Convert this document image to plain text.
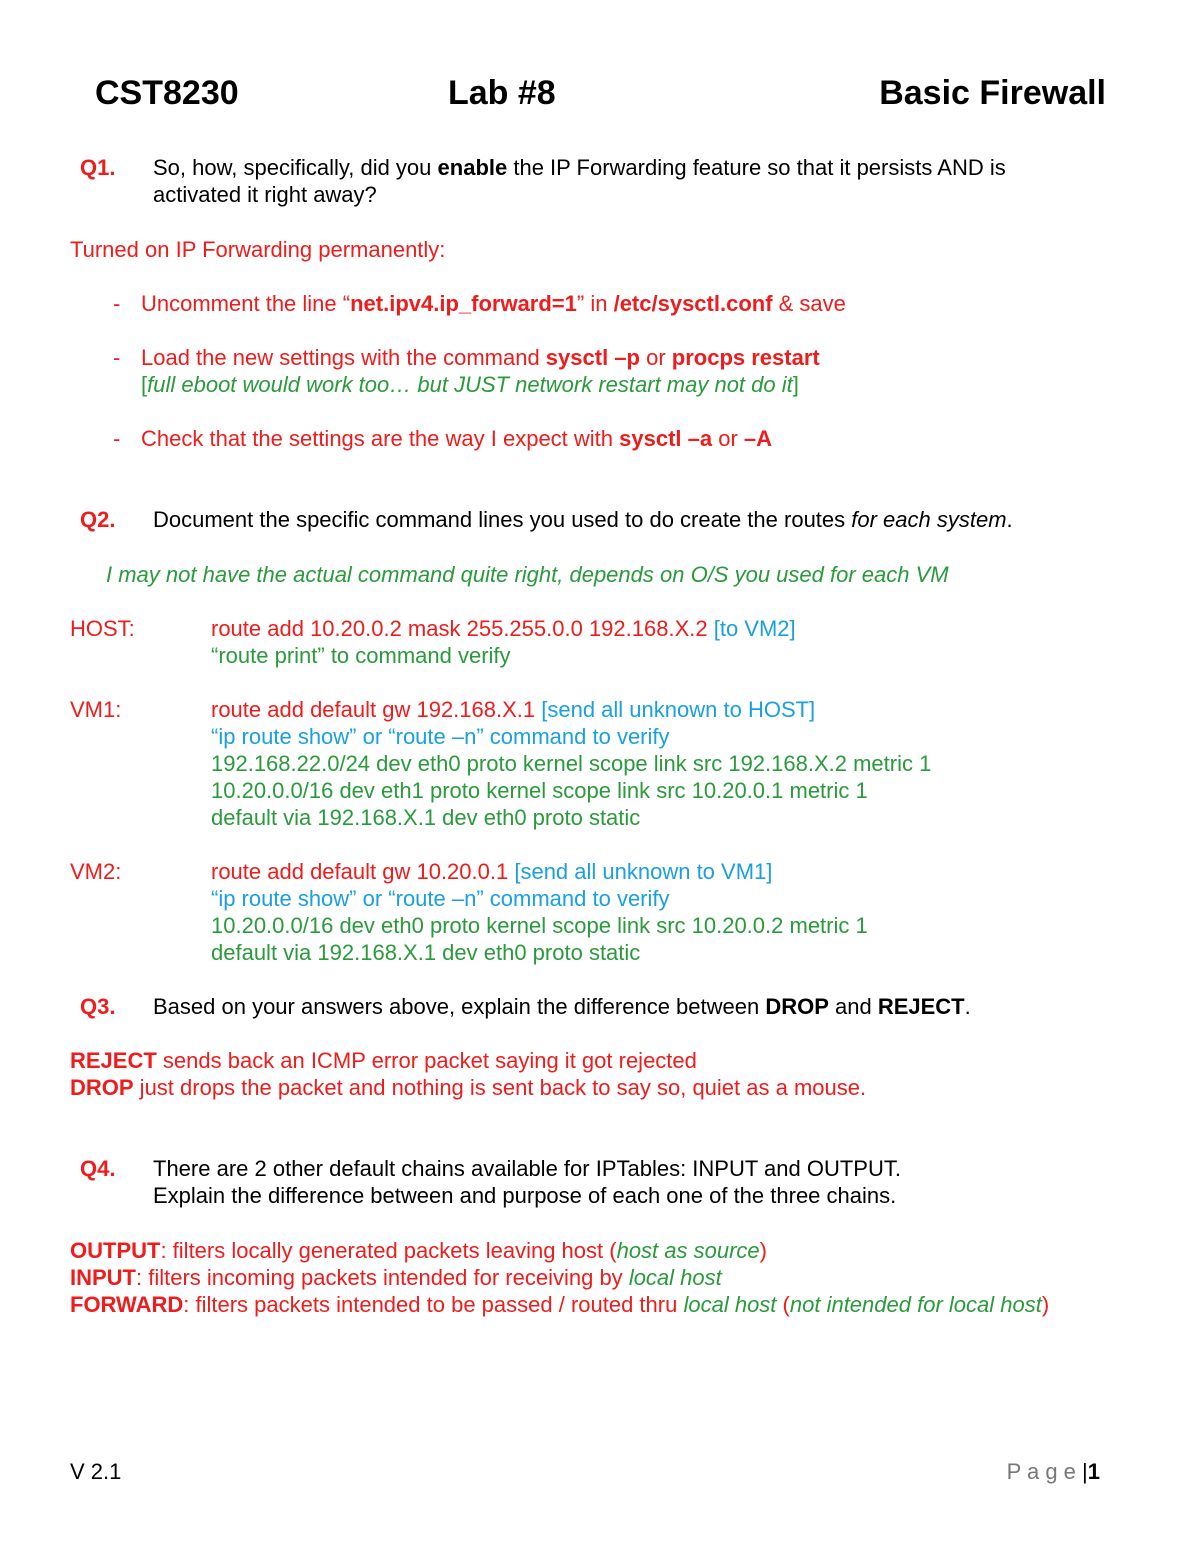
CST8230	Lab #8	Basic Firewall
Q1. So, how, specifically, did you enable the IP Forwarding feature so that it persists AND is
activated it right away?
Turned on IP Forwarding permanently:
- Uncomment the line “net.ipv4.ip_forward=1” in /etc/sysctl.conf & save
- Load the new settings with the command sysctl –p or procps restart
[full eboot would work too… but JUST network restart may not do it]
- Check that the settings are the way I expect with sysctl –a or –A
Q2. Document the specific command lines you used to do create the routes for each system.
I may not have the actual command quite right, depends on O/S you used for each VM
HOST:	route add 10.20.0.2 mask 255.255.0.0 192.168.X.2 [to VM2]
“route print” to command verify
VM1:	route add default gw 192.168.X.1 [send all unknown to HOST]
“ip route show” or “route –n” command to verify
192.168.22.0/24 dev eth0 proto kernel scope link src 192.168.X.2 metric 1
10.20.0.0/16 dev eth1 proto kernel scope link src 10.20.0.1 metric 1
default via 192.168.X.1 dev eth0 proto static
VM2:	route add default gw 10.20.0.1 [send all unknown to VM1]
“ip route show” or “route –n” command to verify
10.20.0.0/16 dev eth0 proto kernel scope link src 10.20.0.2 metric 1
default via 192.168.X.1 dev eth0 proto static
Q3. Based on your answers above, explain the difference between DROP and REJECT.
REJECT sends back an ICMP error packet saying it got rejected
DROP just drops the packet and nothing is sent back to say so, quiet as a mouse.
Q4. There are 2 other default chains available for IPTables: INPUT and OUTPUT.
Explain the difference between and purpose of each one of the three chains.
OUTPUT: filters locally generated packets leaving host (host as source)
INPUT: filters incoming packets intended for receiving by local host
FORWARD: filters packets intended to be passed / routed thru local host (not intended for local host)
V 2.1	P a g e |1
